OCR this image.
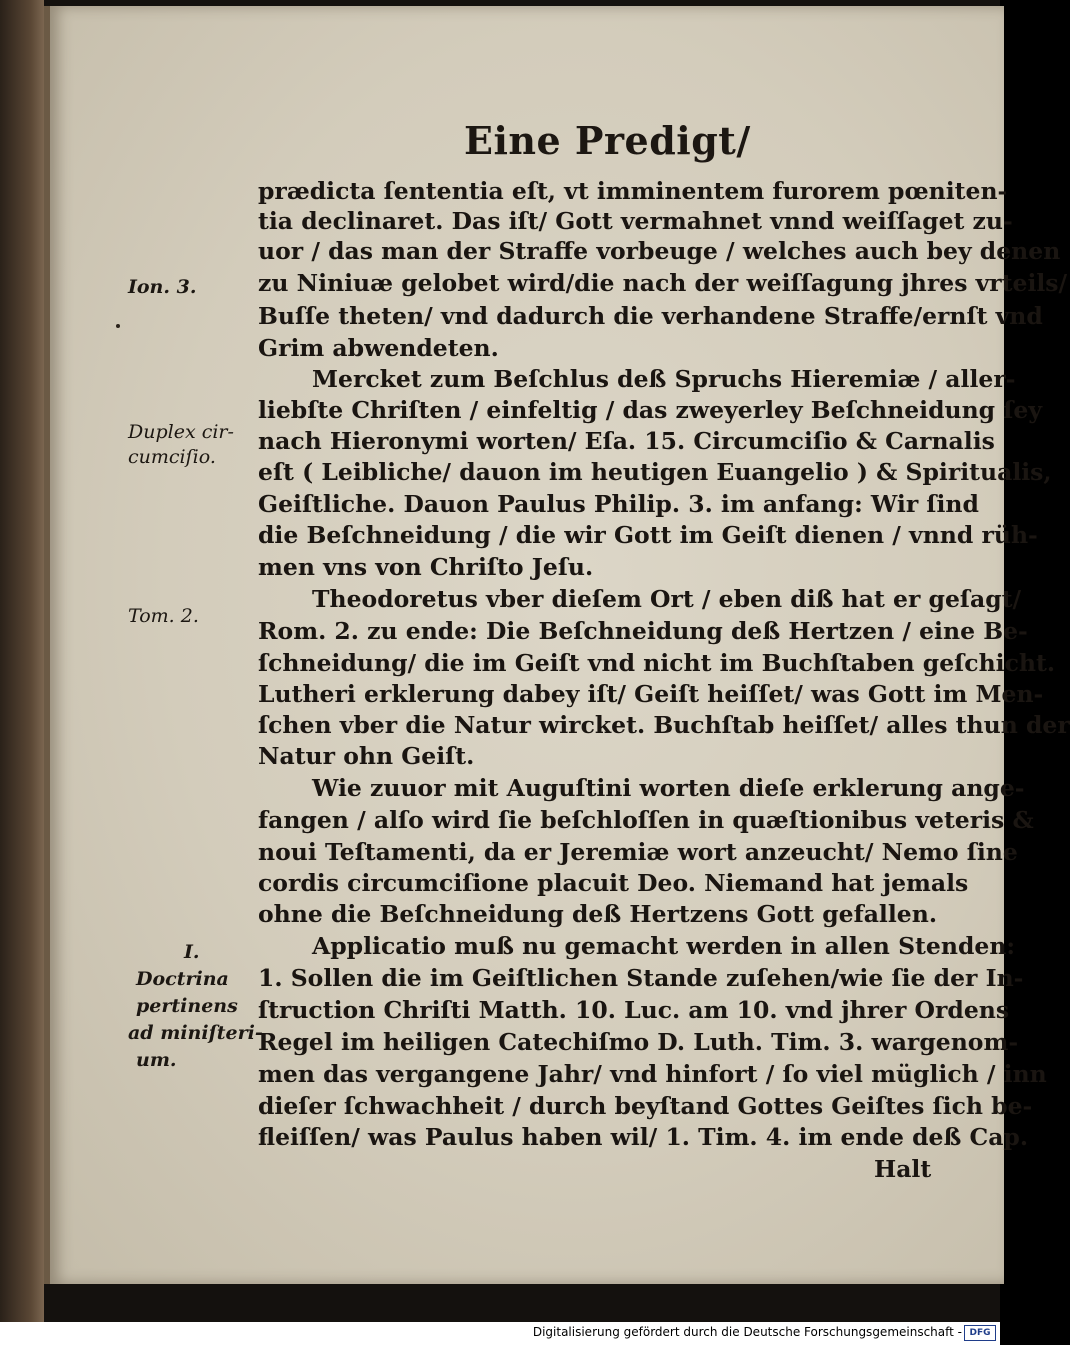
Eine Predigt/
Ion. 3.
Duplex cir-
cumciſio.
Tom. 2.
I.
Doctrina
pertinens
ad miniſteri-
um.
prædicta ſententia eſt, vt imminentem furorem pœniten-
tia declinaret. Das iſt/ Gott vermahnet vnnd weiſſaget zu-
uor / das man der Straffe vorbeuge / welches auch bey denen
zu Niniuæ gelobet wird/die nach der weiſſagung jhres vrteils/
Buſſe theten/ vnd dadurch die verhandene Straffe/ernſt vnd
Grim abwendeten.
Mercket zum Beſchlus deß Spruchs Hieremiæ / aller-
liebſte Chriſten / einfeltig / das zweyerley Beſchneidung ſey
nach Hieronymi worten/ Eſa. 15. Circumciſio & Carnalis
eſt ( Leibliche/ dauon im heutigen Euangelio ) & Spiritualis,
Geiſtliche. Dauon Paulus Philip. 3. im anfang: Wir ſind
die Beſchneidung / die wir Gott im Geiſt dienen / vnnd rüh-
men vns von Chriſto Jeſu.
Theodoretus vber dieſem Ort / eben diß hat er geſagt/
Rom. 2. zu ende: Die Beſchneidung deß Hertzen / eine Be-
ſchneidung/ die im Geiſt vnd nicht im Buchſtaben geſchicht.
Lutheri erklerung dabey iſt/ Geiſt heiſſet/ was Gott im Men-
ſchen vber die Natur wircket. Buchſtab heiſſet/ alles thun der
Natur ohn Geiſt.
Wie zuuor mit Auguſtini worten dieſe erklerung ange-
fangen / alſo wird ſie beſchloſſen in quæſtionibus veteris &
noui Teſtamenti, da er Jeremiæ wort anzeucht/ Nemo ſine
cordis circumciſione placuit Deo. Niemand hat jemals
ohne die Beſchneidung deß Hertzens Gott gefallen.
Applicatio muß nu gemacht werden in allen Stenden:
1. Sollen die im Geiſtlichen Stande zuſehen/wie ſie der In-
ſtruction Chriſti Matth. 10. Luc. am 10. vnd jhrer Ordens
Regel im heiligen Catechiſmo D. Luth. Tim. 3. wargenom-
men das vergangene Jahr/ vnd hinfort / ſo viel müglich / inn
dieſer ſchwachheit / durch beyſtand Gottes Geiſtes ſich be-
fleiſſen/ was Paulus haben wil/ 1. Tim. 4. im ende deß Cap.
Halt
Digitalisierung gefördert durch die Deutsche Forschungsgemeinschaft - DFG
